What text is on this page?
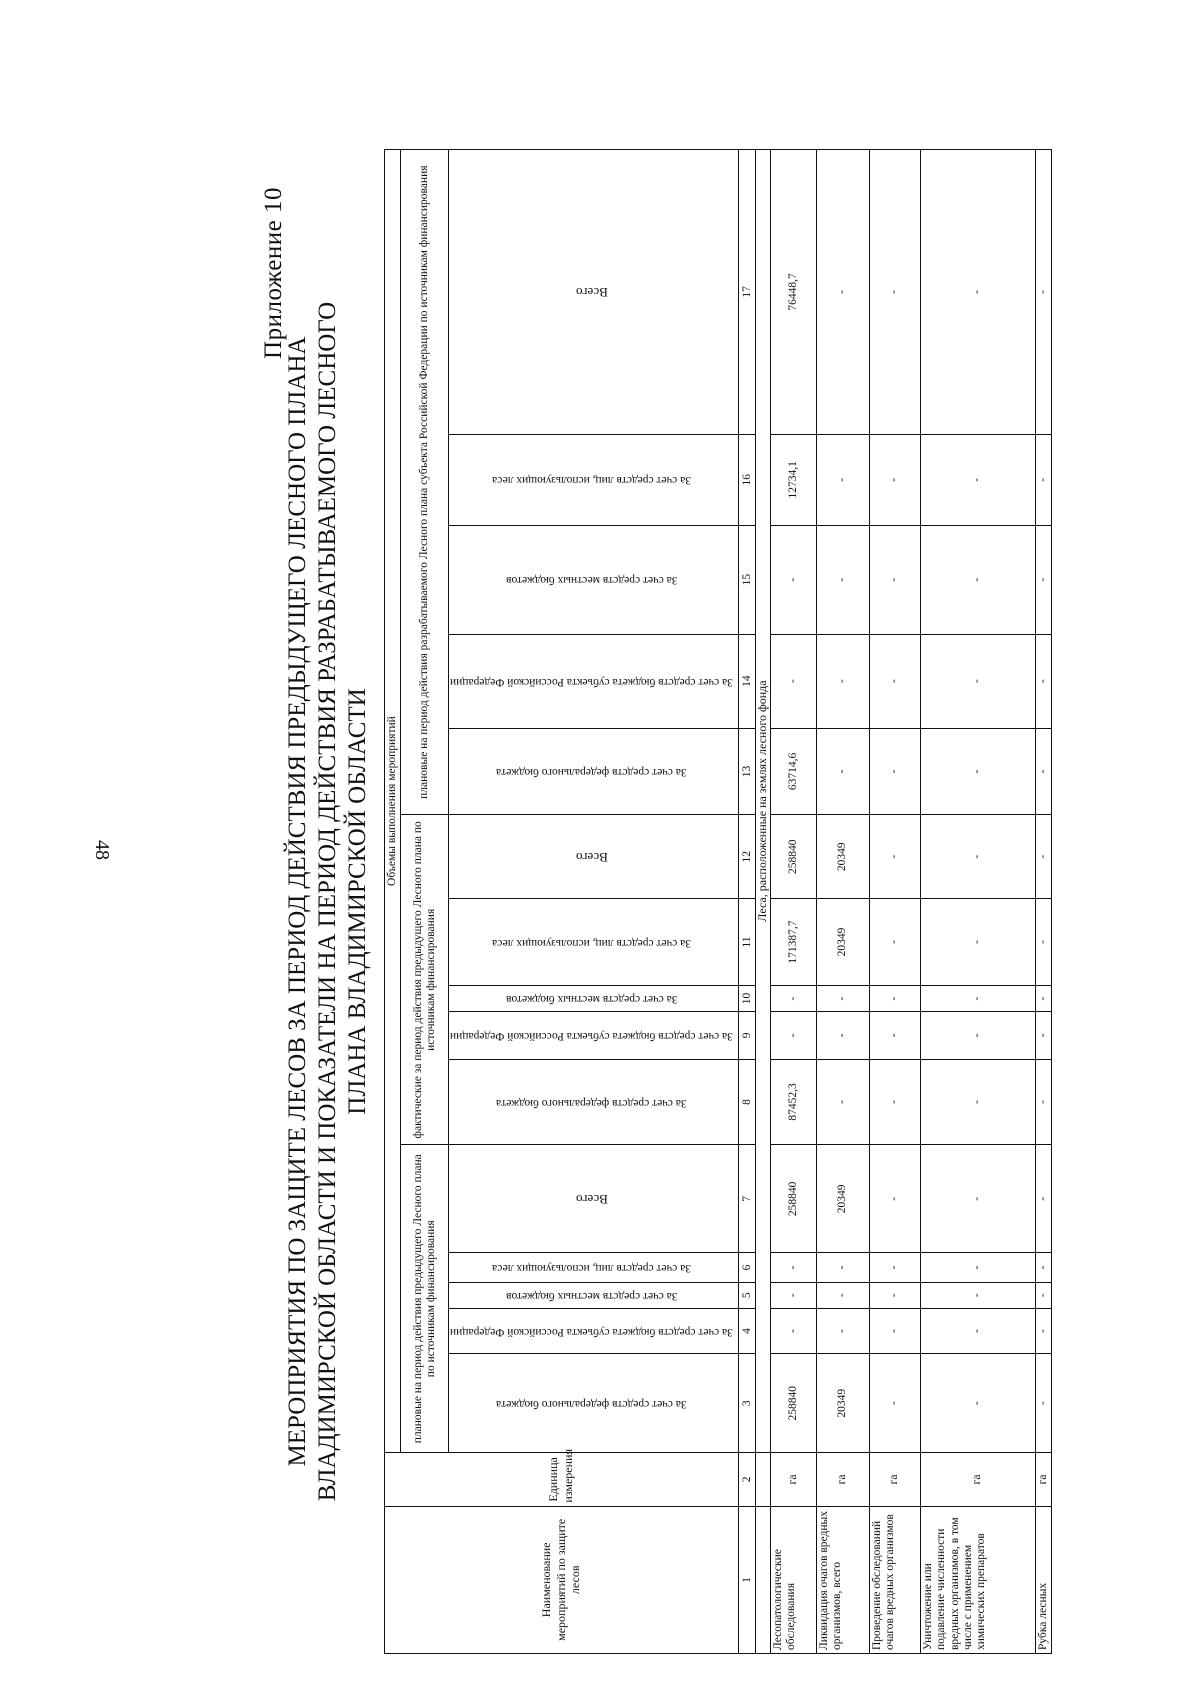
48
Приложение 10
МЕРОПРИЯТИЯ ПО ЗАЩИТЕ ЛЕСОВ ЗА ПЕРИОД ДЕЙСТВИЯ ПРЕДЫДУЩЕГО ЛЕСНОГО ПЛАНА ВЛАДИМИРСКОЙ ОБЛАСТИ И ПОКАЗАТЕЛИ НА ПЕРИОД ДЕЙСТВИЯ РАЗРАБАТЫВАЕМОГО ЛЕСНОГО ПЛАНА ВЛАДИМИРСКОЙ ОБЛАСТИ
Наименование мероприятий по защите лесов	Единица измерения	Объемы выполнения мероприятий														
		плановые на период действия предыдущего Лесного плана по источникам финансирования					фактические за период действия предыдущего Лесного плана по источникам финансирования					плановые на период действия разрабатываемого Лесного плана субъекта Российской Федерации по источникам финансирования				
		За счет средств федерального бюджета	За счет средств бюджета субъекта Российской Федерации	За счет средств местных бюджетов	За счет средств лиц, использующих леса	Всего	За счет средств федерального бюджета	За счет средств бюджета субъекта Российской Федерации	За счет средств местных бюджетов	За счет средств лиц, использующих леса	Всего	За счет средств федерального бюджета	За счет средств бюджета субъекта Российской Федерации	За счет средств местных бюджетов	За счет средств лиц, использующих леса	Всего
1	2	3	4	5	6	7	8	9	10	11	12	13	14	15	16	17
		Леса, расположенные на землях лесного фонда														
Лесопатологические обследования	га	258840	-	-	-	258840	87452,3	-	-	171387,7	258840	63714,6	-	-	12734,1	76448,7
Ликвидация очагов вредных организмов, всего	га	20349	-	-	-	20349	-	-	-	20349	20349	-	-	-	-	-
Проведение обследований очагов вредных организмов	га	-	-	-	-	-	-	-	-	-	-	-	-	-	-	-
Уничтожение или подавление численности вредных организмов, в том числе с применением химических препаратов	га	-	-	-	-	-	-	-	-	-	-	-	-	-	-	-
Рубка лесных	га	-	-	-	-	-	-	-	-	-	-	-	-	-	-	-
